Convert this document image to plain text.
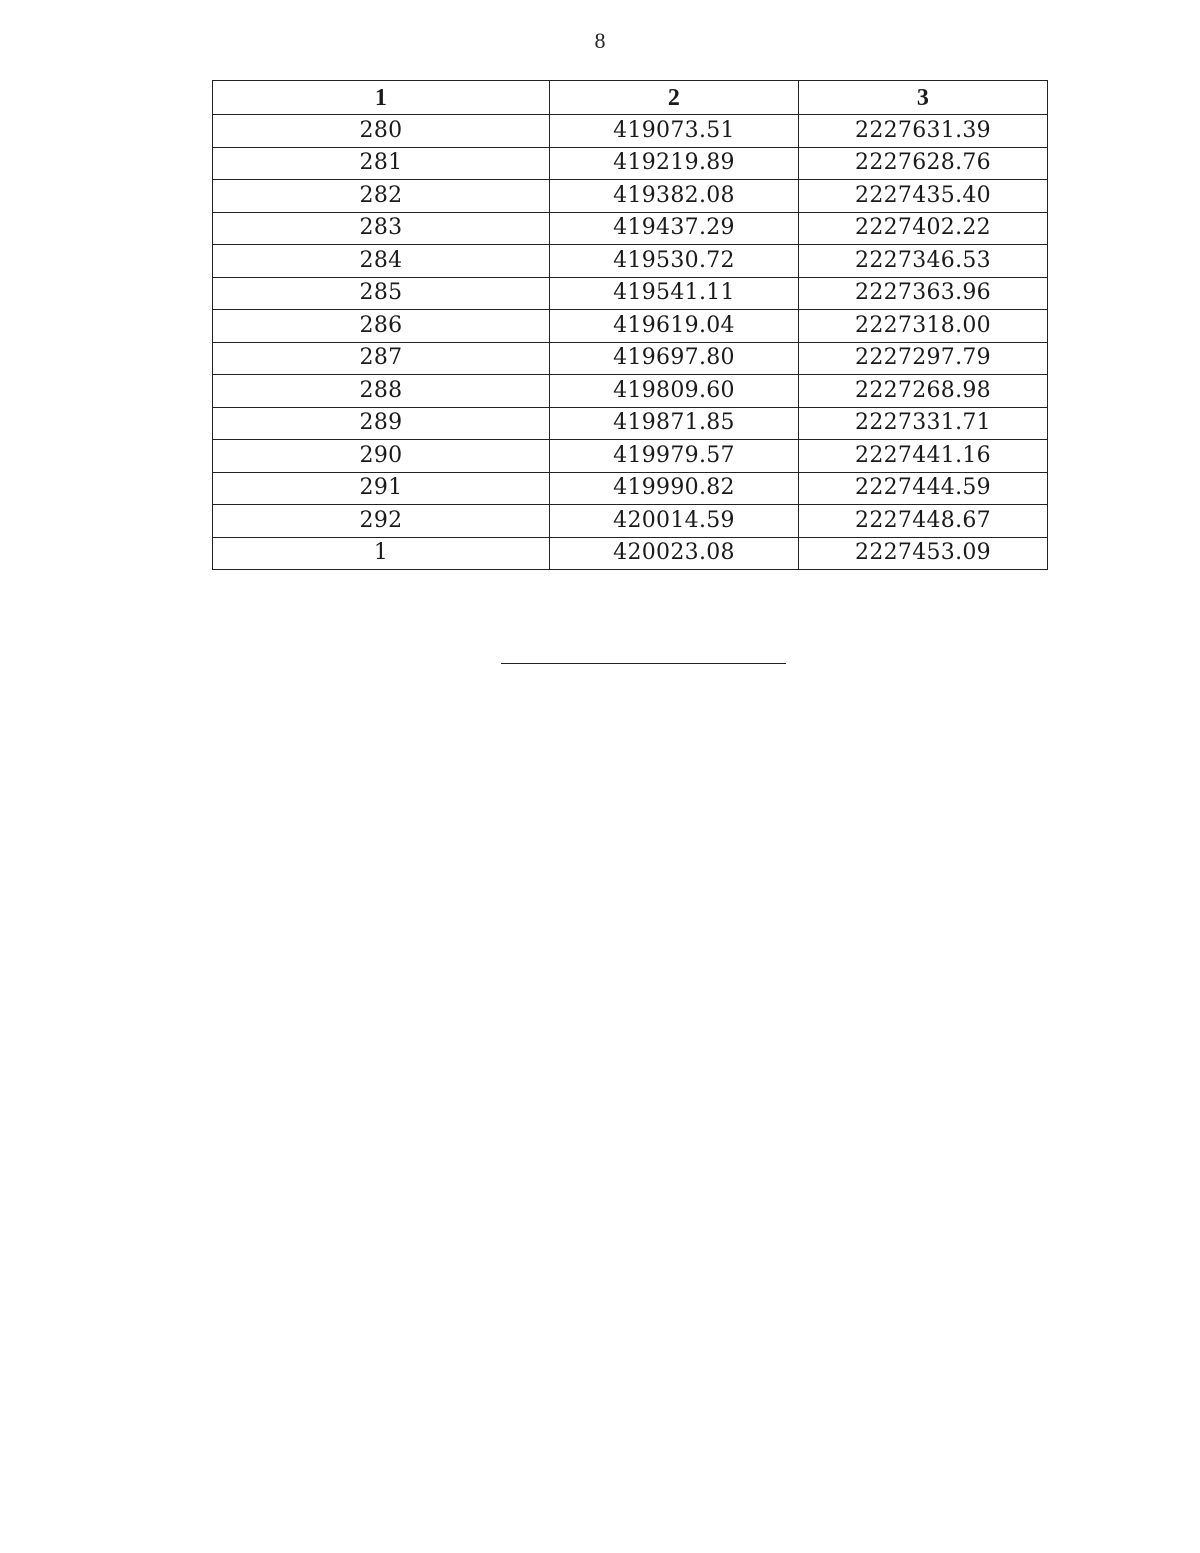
8
1	2	3
280	419073.51	2227631.39
281	419219.89	2227628.76
282	419382.08	2227435.40
283	419437.29	2227402.22
284	419530.72	2227346.53
285	419541.11	2227363.96
286	419619.04	2227318.00
287	419697.80	2227297.79
288	419809.60	2227268.98
289	419871.85	2227331.71
290	419979.57	2227441.16
291	419990.82	2227444.59
292	420014.59	2227448.67
1	420023.08	2227453.09
